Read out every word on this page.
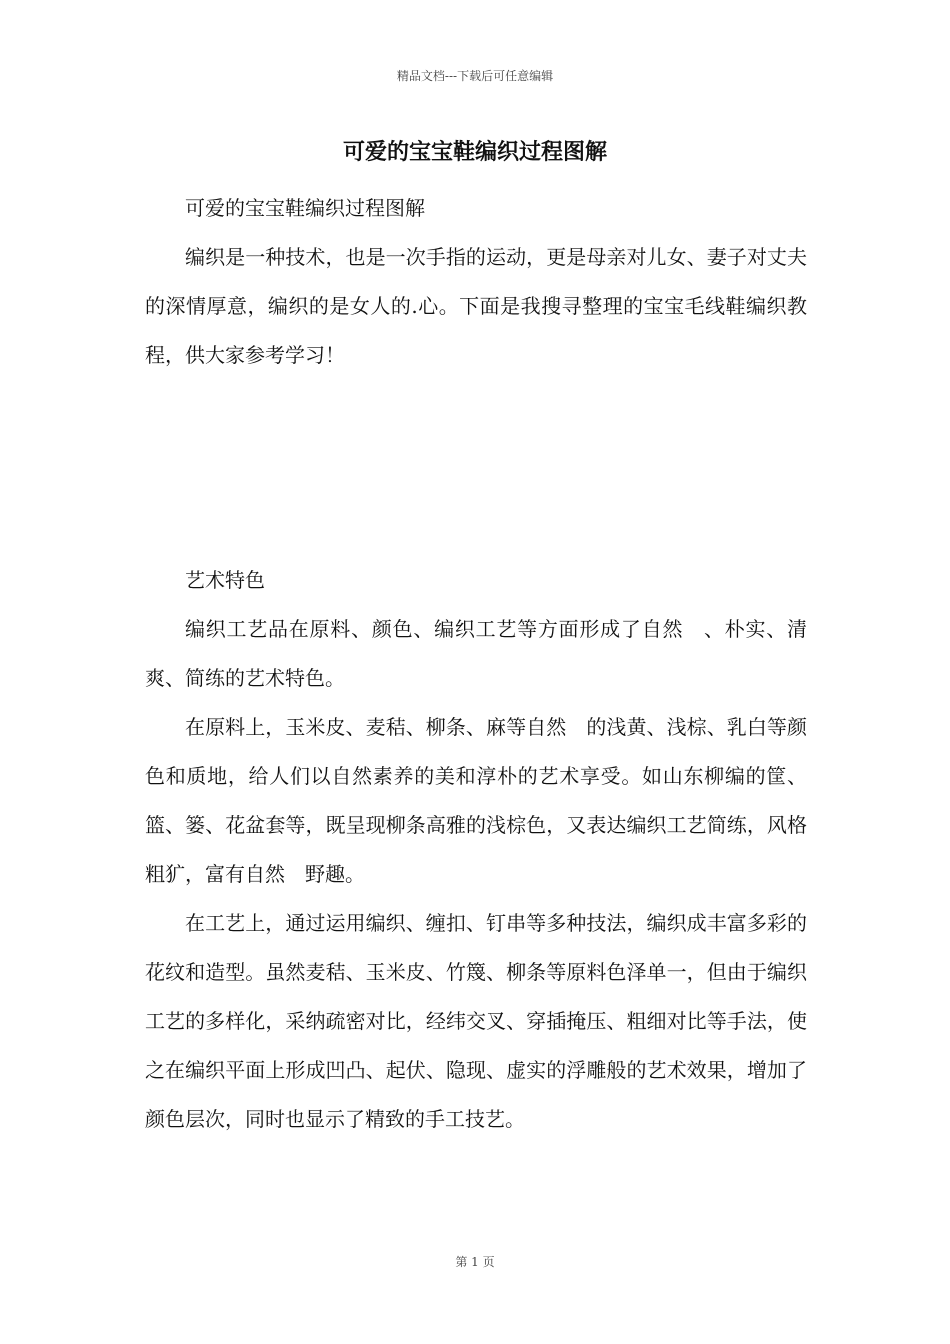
精品文档---下载后可任意编辑
可爱的宝宝鞋编织过程图解

可爱的宝宝鞋编织过程图解

编织是一种技术，也是一次手指的运动，更是母亲对儿女、妻子对丈夫的深情厚意，编织的是女人的.心。下面是我搜寻整理的宝宝毛线鞋编织教程，供大家参考学习！

艺术特色

编织工艺品在原料、颜色、编织工艺等方面形成了自然　、朴实、清爽、简练的艺术特色。

在原料上，玉米皮、麦秸、柳条、麻等自然　的浅黄、浅棕、乳白等颜色和质地，给人们以自然素养的美和淳朴的艺术享受。如山东柳编的筐、篮、篓、花盆套等，既呈现柳条高雅的浅棕色，又表达编织工艺简练，风格粗犷，富有自然　野趣。

在工艺上，通过运用编织、缠扣、钉串等多种技法，编织成丰富多彩的花纹和造型。虽然麦秸、玉米皮、竹篾、柳条等原料色泽单一，但由于编织工艺的多样化，采纳疏密对比，经纬交叉、穿插掩压、粗细对比等手法，使之在编织平面上形成凹凸、起伏、隐现、虚实的浮雕般的艺术效果，增加了颜色层次，同时也显示了精致的手工技艺。

第 1 页
